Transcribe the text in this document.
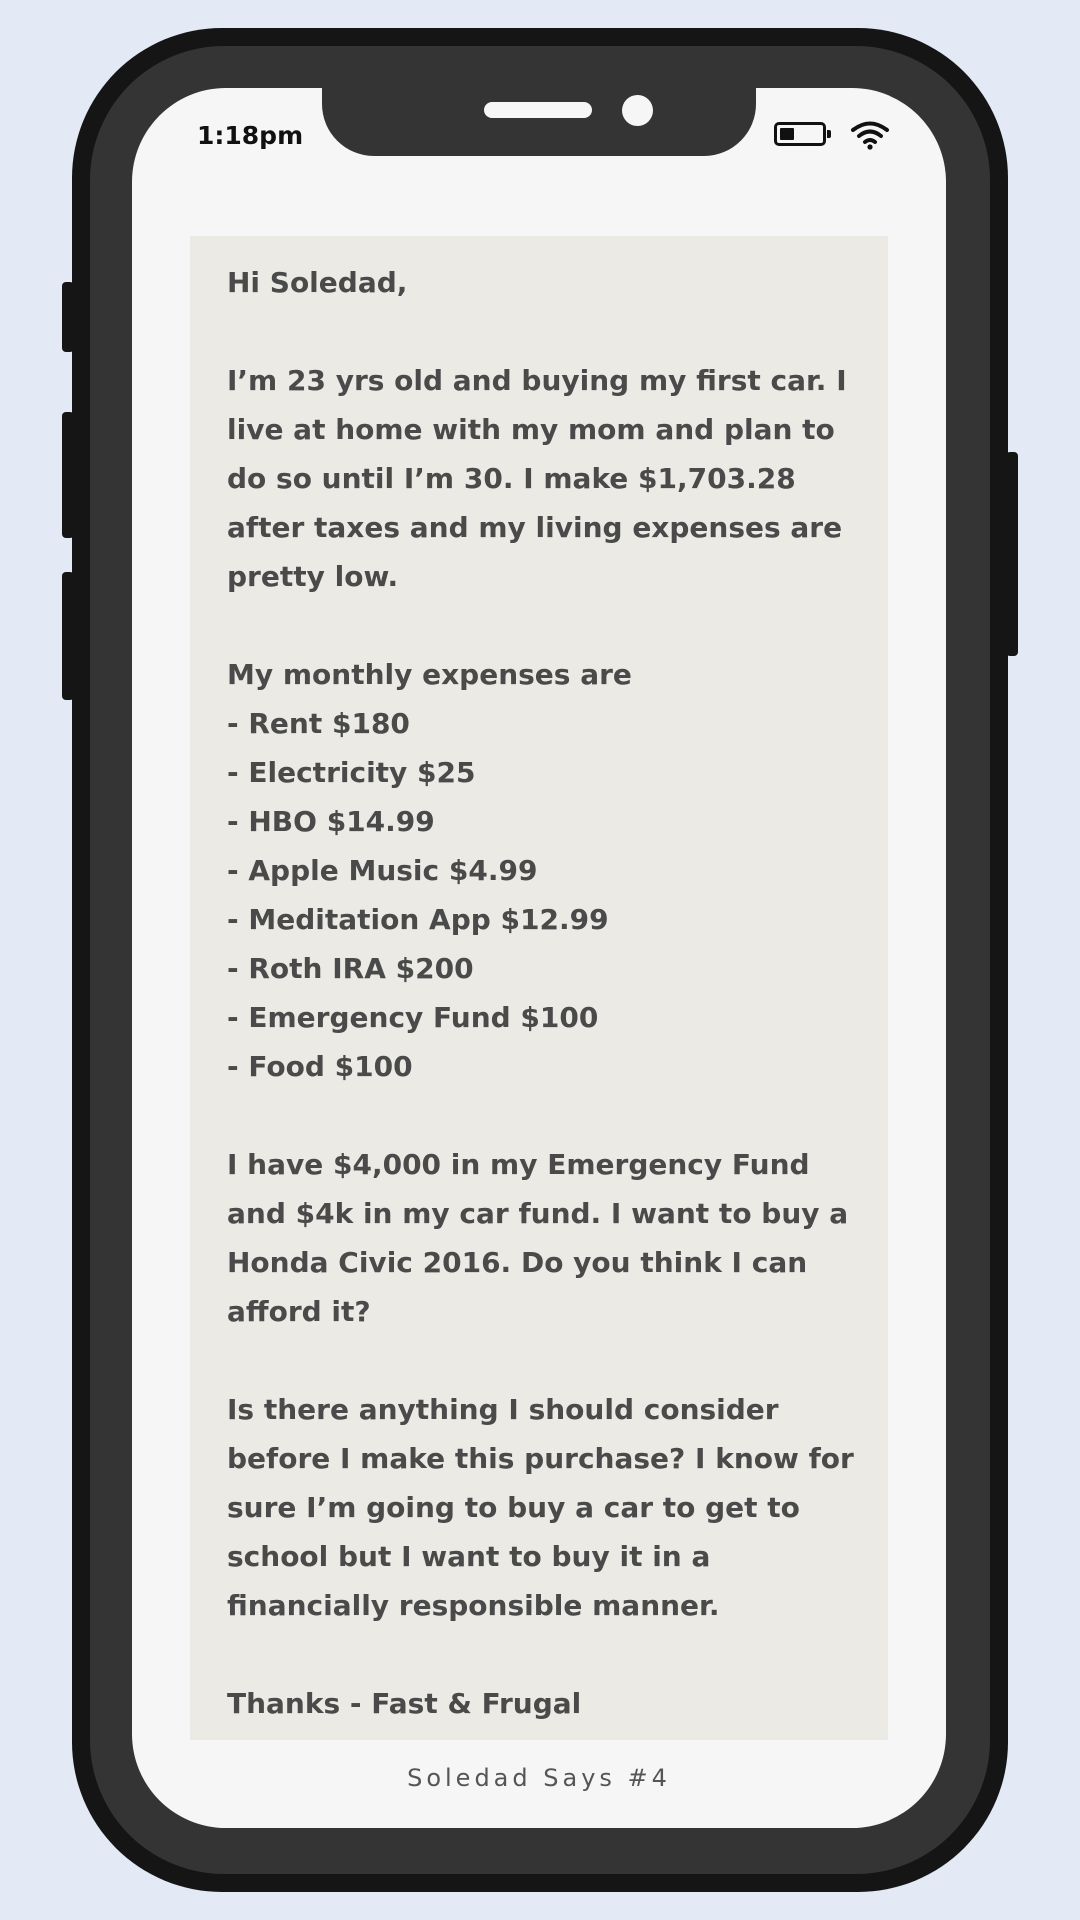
1:18pm

Hi Soledad,

I’m 23 yrs old and buying my first car. I live at home with my mom and plan to do so until I’m 30. I make $1,703.28 after taxes and my living expenses are pretty low.

My monthly expenses are

- Rent $180
- Electricity $25
- HBO $14.99
- Apple Music $4.99
- Meditation App $12.99
- Roth IRA $200
- Emergency Fund $100
- Food $100

I have $4,000 in my Emergency Fund and $4k in my car fund. I want to buy a Honda Civic 2016. Do you think I can afford it?

Is there anything I should consider before I make this purchase? I know for sure I’m going to buy a car to get to school but I want to buy it in a financially responsible manner.

Thanks - Fast & Frugal

Soledad Says #4
